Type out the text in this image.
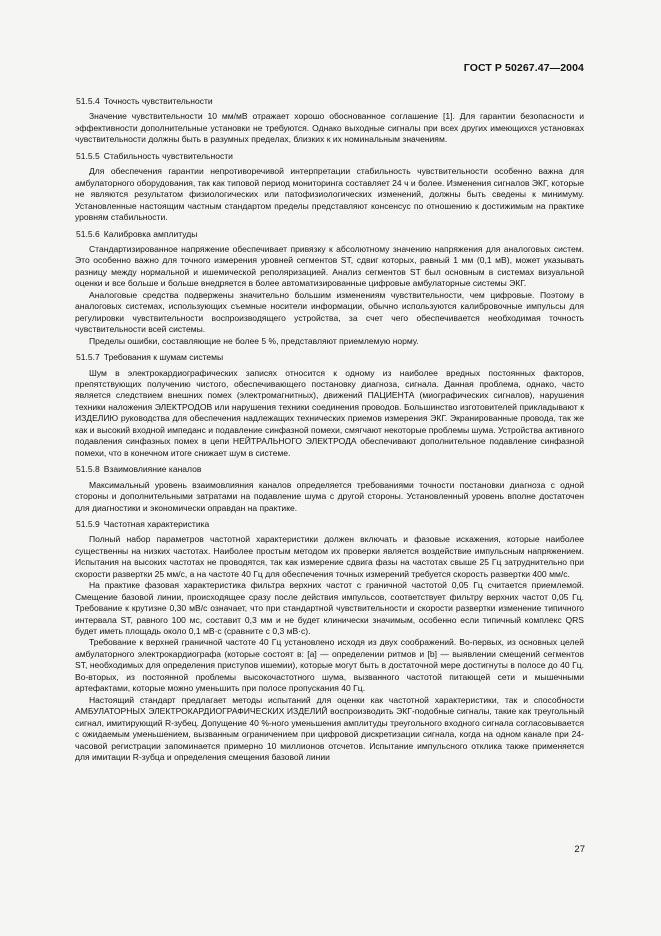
ГОСТ Р 50267.47—2004
51.5.4 Точность чувствительности

Значение чувствительности 10 мм/мВ отражает хорошо обоснованное соглашение [1]. Для гарантии безопасности и эффективности дополнительные установки не требуются. Однако выходные сигналы при всех других имеющихся установках чувствительности должны быть в разумных пределах, близких к их номинальным значениям.

51.5.5 Стабильность чувствительности

Для обеспечения гарантии непротиворечивой интерпретации стабильность чувствительности особенно важна для амбулаторного оборудования, так как типовой период мониторинга составляет 24 ч и более. Изменения сигналов ЭКГ, которые не являются результатом физиологических или патофизиологических изменений, должны быть сведены к минимуму. Установленные настоящим частным стандартом пределы представляют консенсус по отношению к достижимым на практике уровням стабильности.

51.5.6 Калибровка амплитуды

Стандартизированное напряжение обеспечивает привязку к абсолютному значению напряжения для аналоговых систем. Это особенно важно для точного измерения уровней сегментов ST, сдвиг которых, равный 1 мм (0,1 мВ), может указывать разницу между нормальной и ишемической реполяризацией. Анализ сегментов ST был основным в системах визуальной оценки и все больше и больше внедряется в более автоматизированные цифровые амбулаторные системы ЭКГ.

Аналоговые средства подвержены значительно большим изменениям чувствительности, чем цифровые. Поэтому в аналоговых системах, использующих съемные носители информации, обычно используются калибровочные импульсы для регулировки чувствительности воспроизводящего устройства, за счет чего обеспечивается необходимая точность чувствительности всей системы.

Пределы ошибки, составляющие не более 5 %, представляют приемлемую норму.

51.5.7 Требования к шумам системы

Шум в электрокардиографических записях относится к одному из наиболее вредных постоянных факторов, препятствующих получению чистого, обеспечивающего постановку диагноза, сигнала. Данная проблема, однако, часто является следствием внешних помех (электромагнитных), движений ПАЦИЕНТА (миографических сигналов), нарушения техники наложения ЭЛЕКТРОДОВ или нарушения техники соединения проводов. Большинство изготовителей прикладывают к ИЗДЕЛИЮ руководства для обеспечения надлежащих технических приемов измерения ЭКГ. Экранированные провода, так же как и высокий входной импеданс и подавление синфазной помехи, смягчают некоторые проблемы шума. Устройства активного подавления синфазных помех в цепи НЕЙТРАЛЬНОГО ЭЛЕКТРОДА обеспечивают дополнительное подавление синфазной помехи, что в конечном итоге снижает шум в системе.

51.5.8 Взаимовлияние каналов

Максимальный уровень взаимовлияния каналов определяется требованиями точности постановки диагноза с одной стороны и дополнительными затратами на подавление шума с другой стороны. Установленный уровень вполне достаточен для диагностики и экономически оправдан на практике.

51.5.9 Частотная характеристика

Полный набор параметров частотной характеристики должен включать и фазовые искажения, которые наиболее существенны на низких частотах. Наиболее простым методом их проверки является воздействие импульсным напряжением. Испытания на высоких частотах не проводятся, так как измерение сдвига фазы на частотах свыше 25 Гц затруднительно при скорости развертки 25 мм/с, а на частоте 40 Гц для обеспечения точных измерений требуется скорость развертки 400 мм/с.

На практике фазовая характеристика фильтра верхних частот с граничной частотой 0,05 Гц считается приемлемой. Смещение базовой линии, происходящее сразу после действия импульсов, соответствует фильтру верхних частот 0,05 Гц. Требование к крутизне 0,30 мВ/с означает, что при стандартной чувствительности и скорости развертки изменение типичного интервала ST, равного 100 мс, составит 0,3 мм и не будет клинически значимым, особенно если типичный комплекс QRS будет иметь площадь около 0,1 мВ·с (сравните с 0,3 мВ·с).

Требование к верхней граничной частоте 40 Гц установлено исходя из двух соображений. Во-первых, из основных целей амбулаторного электрокардиографа (которые состоят в: [a] — определении ритмов и [b] — выявлении смещений сегментов ST, необходимых для определения приступов ишемии), которые могут быть в достаточной мере достигнуты в полосе до 40 Гц. Во-вторых, из постоянной проблемы высокочастотного шума, вызванного частотой питающей сети и мышечными артефактами, которые можно уменьшить при полосе пропускания 40 Гц.

Настоящий стандарт предлагает методы испытаний для оценки как частотной характеристики, так и способности АМБУЛАТОРНЫХ ЭЛЕКТРОКАРДИОГРАФИЧЕСКИХ ИЗДЕЛИЙ воспроизводить ЭКГ-подобные сигналы, такие как треугольный сигнал, имитирующий R-зубец. Допущение 40 %-ного уменьшения амплитуды треугольного входного сигнала согласовывается с ожидаемым уменьшением, вызванным ограничением при цифровой дискретизации сигнала, когда на одном канале при 24-часовой регистрации запоминается примерно 10 миллионов отсчетов. Испытание импульсного отклика также применяется для имитации R-зубца и определения смещения базовой линии

27
